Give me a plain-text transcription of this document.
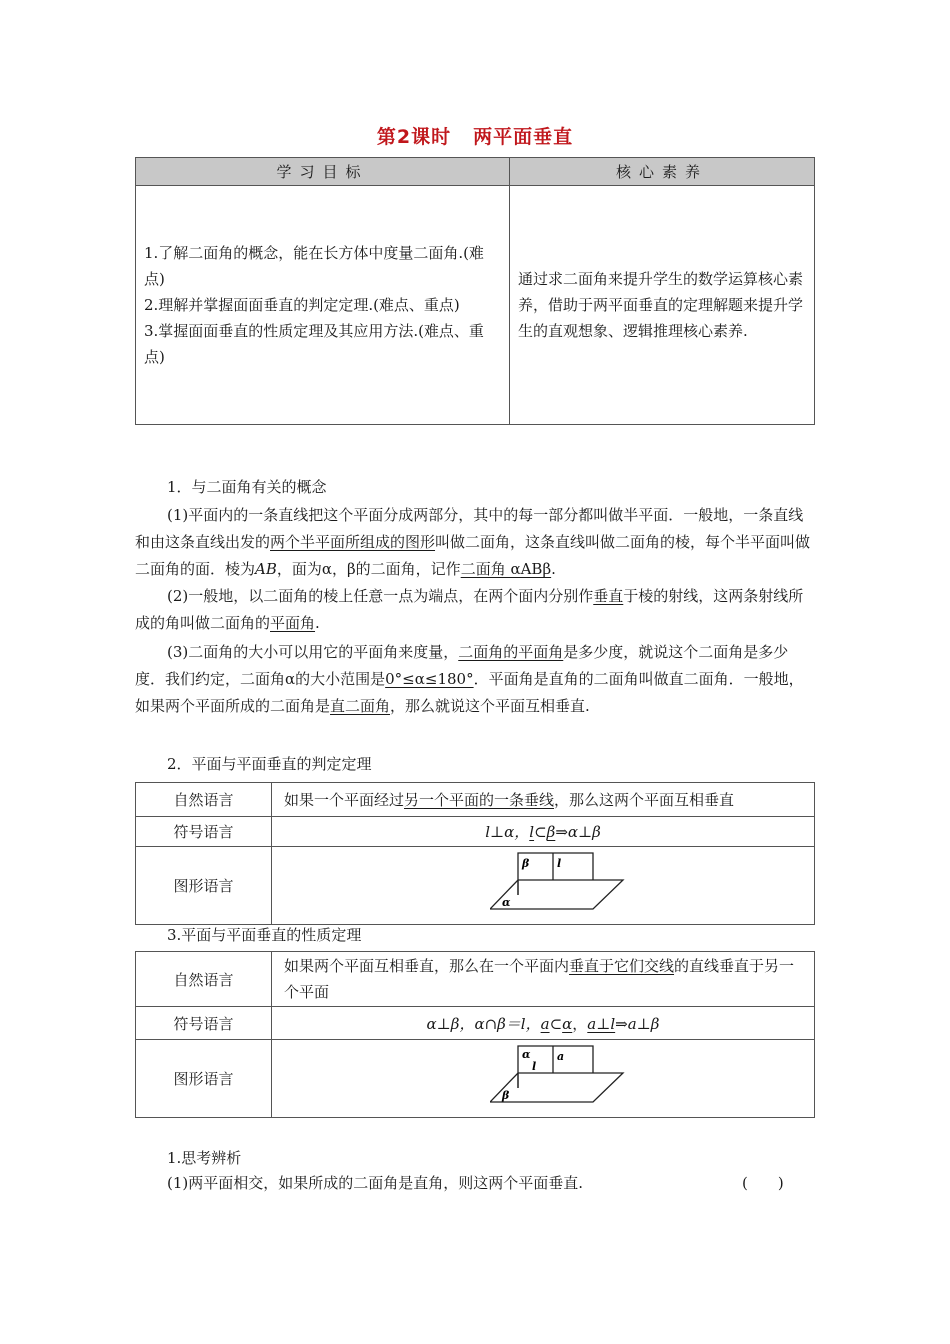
第2课时 两平面垂直
学习目标	核心素养

1.了解二面角的概念，能在长方体中度量二面角.(难点)
2.理解并掌握面面垂直的判定定理.(难点、重点)
3.掌握面面垂直的性质定理及其应用方法.(难点、重点)	通过求二面角来提升学生的数学运算核心素养，借助于两平面垂直的定理解题来提升学生的直观想象、逻辑推理核心素养.
1．与二面角有关的概念
(1)平面内的一条直线把这个平面分成两部分，其中的每一部分都叫做半平面．一般地，一条直线和由这条直线出发的两个半平面所组成的图形叫做二面角，这条直线叫做二面角的棱，每个半平面叫做二面角的面．棱为AB，面为α，β的二面角，记作二面角 αABβ.
(2)一般地，以二面角的棱上任意一点为端点，在两个面内分别作垂直于棱的射线，这两条射线所成的角叫做二面角的平面角.
(3)二面角的大小可以用它的平面角来度量，二面角的平面角是多少度，就说这个二面角是多少度．我们约定，二面角α的大小范围是0°≤α≤180°．平面角是直角的二面角叫做直二面角．一般地，如果两个平面所成的二面角是直二面角，那么就说这个平面互相垂直.
2．平面与平面垂直的判定定理
自然语言	如果一个平面经过另一个平面的一条垂线，那么这两个平面互相垂直
符号语言	l⊥α，l⊂β⇒α⊥β
图形语言	β l
α
3.平面与平面垂直的性质定理
自然语言	如果两个平面互相垂直，那么在一个平面内垂直于它们交线的直线垂直于另一个平面
符号语言	α⊥β，α∩β＝l，a⊂α，a⊥l⇒a⊥β
图形语言	α a
l
β
1.思考辨析
(1)两平面相交，如果所成的二面角是直角，则这两个平面垂直.	(　　)
